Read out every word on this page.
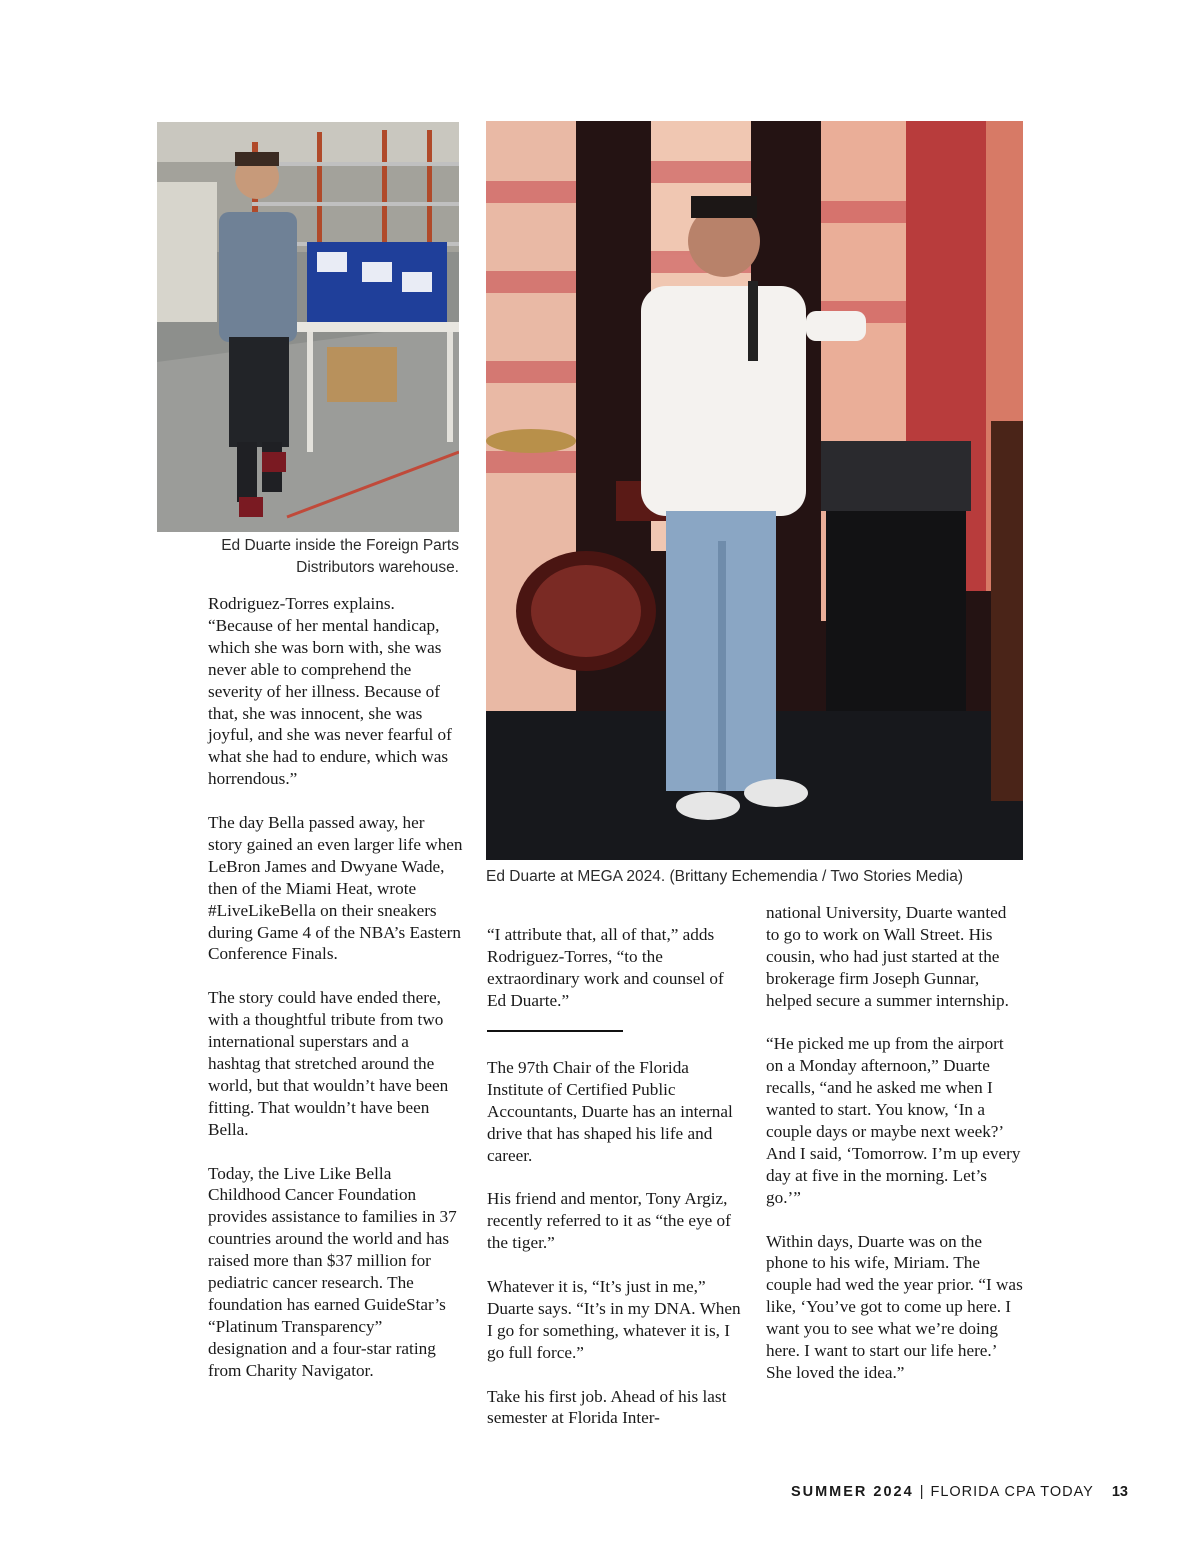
Ed Duarte inside the Foreign Parts Distributors warehouse.
Ed Duarte at MEGA 2024. (Brittany Echemendia / Two Stories Media)

Rodriguez-Torres explains. “Because of her mental handicap, which she was born with, she was never able to comprehend the severity of her illness. Because of that, she was innocent, she was joyful, and she was never fearful of what she had to endure, which was horrendous.”

The day Bella passed away, her story gained an even larger life when LeBron James and Dwyane Wade, then of the Miami Heat, wrote #LiveLikeBella on their sneakers during Game 4 of the NBA’s Eastern Conference Finals.

The story could have ended there, with a thoughtful tribute from two international superstars and a hashtag that stretched around the world, but that wouldn’t have been fitting. That wouldn’t have been Bella.

Today, the Live Like Bella Childhood Cancer Foundation provides assistance to families in 37 countries around the world and has raised more than $37 million for pediatric cancer research. The foundation has earned GuideStar’s “Platinum Transparency” designation and a four-star rating from Charity Navigator.

“I attribute that, all of that,” adds Rodriguez-Torres, “to the extraordinary work and counsel of Ed Duarte.”

The 97th Chair of the Florida Institute of Certified Public Accountants, Duarte has an internal drive that has shaped his life and career.

His friend and mentor, Tony Argiz, recently referred to it as “the eye of the tiger.”

Whatever it is, “It’s just in me,” Duarte says. “It’s in my DNA. When I go for something, whatever it is, I go full force.”

Take his first job. Ahead of his last semester at Florida Inter-

national University, Duarte wanted to go to work on Wall Street. His cousin, who had just started at the brokerage firm Joseph Gunnar, helped secure a summer internship.

“He picked me up from the airport on a Monday afternoon,” Duarte recalls, “and he asked me when I wanted to start. You know, ‘In a couple days or maybe next week?’ And I said, ‘Tomorrow. I’m up every day at five in the morning. Let’s go.’”

Within days, Duarte was on the phone to his wife, Miriam. The couple had wed the year prior. “I was like, ‘You’ve got to come up here. I want you to see what we’re doing here. I want to start our life here.’ She loved the idea.”

SUMMER 2024 | FLORIDA CPA TODAY 13
